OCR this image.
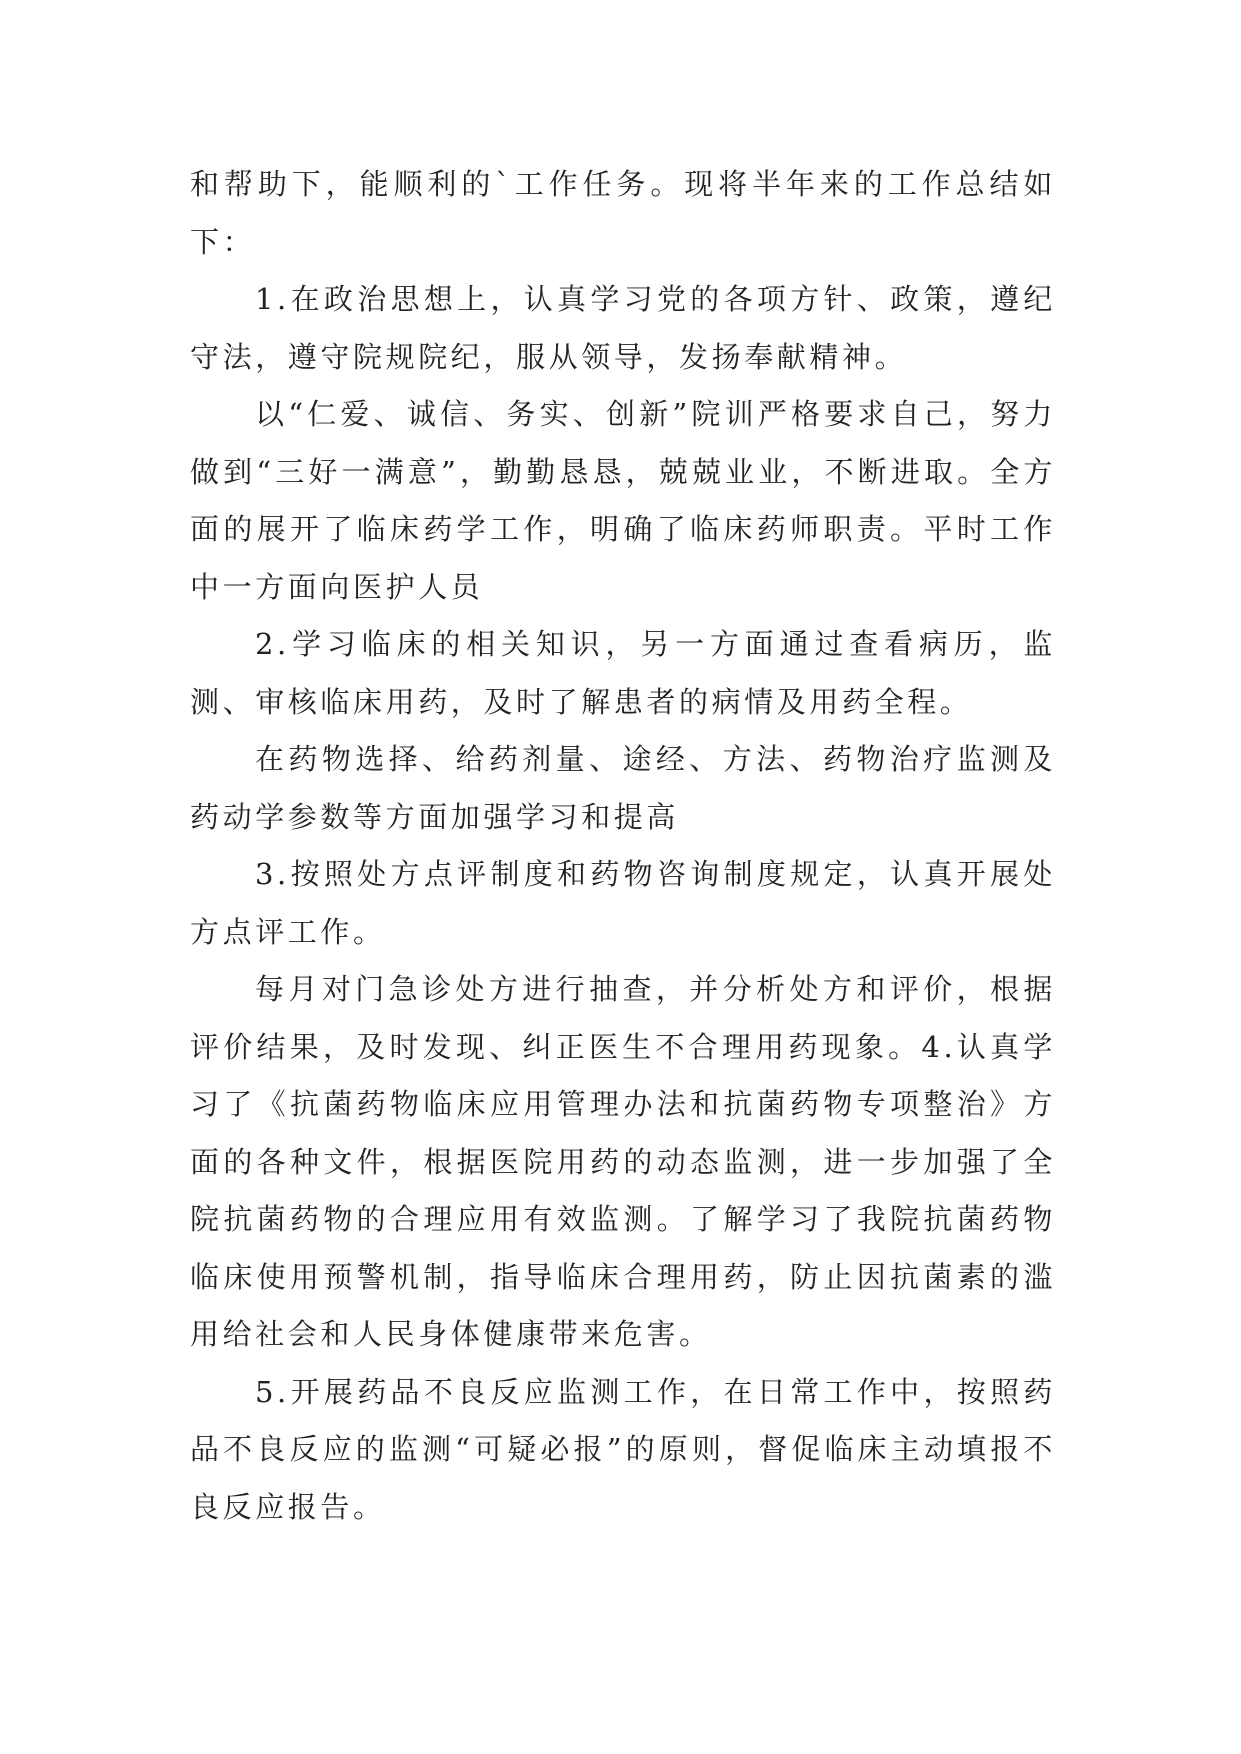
和帮助下，能顺利的`工作任务。现将半年来的工作总结如下：

1.在政治思想上，认真学习党的各项方针、政策，遵纪守法，遵守院规院纪，服从领导，发扬奉献精神。

以“仁爱、诚信、务实、创新”院训严格要求自己，努力做到“三好一满意”，勤勤恳恳，兢兢业业，不断进取。全方面的展开了临床药学工作，明确了临床药师职责。平时工作中一方面向医护人员

2.学习临床的相关知识，另一方面通过查看病历，监测、审核临床用药，及时了解患者的病情及用药全程。

在药物选择、给药剂量、途经、方法、药物治疗监测及药动学参数等方面加强学习和提高

3.按照处方点评制度和药物咨询制度规定，认真开展处方点评工作。

每月对门急诊处方进行抽查，并分析处方和评价，根据评价结果，及时发现、纠正医生不合理用药现象。4.认真学习了《抗菌药物临床应用管理办法和抗菌药物专项整治》方面的各种文件，根据医院用药的动态监测，进一步加强了全院抗菌药物的合理应用有效监测。了解学习了我院抗菌药物临床使用预警机制，指导临床合理用药，防止因抗菌素的滥用给社会和人民身体健康带来危害。

5.开展药品不良反应监测工作，在日常工作中，按照药品不良反应的监测“可疑必报”的原则，督促临床主动填报不良反应报告。
